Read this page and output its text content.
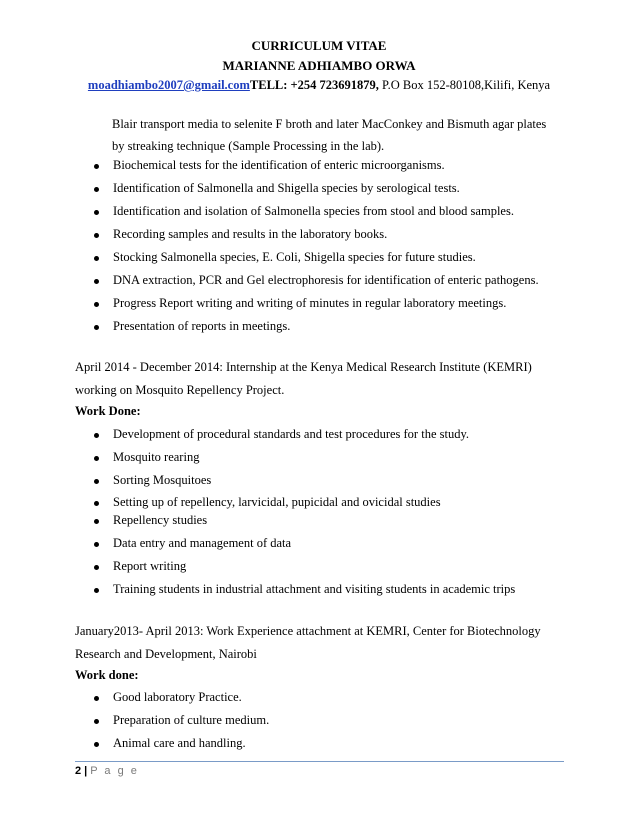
CURRICULUM VITAE
MARIANNE ADHIAMBO ORWA
moadhiambo2007@gmail.comTELL: +254 723691879, P.O Box 152-80108,Kilifi, Kenya
Blair transport media to selenite F broth and later MacConkey and Bismuth agar plates by streaking technique (Sample Processing in the lab).
Biochemical tests for the identification of enteric microorganisms.
Identification of Salmonella and Shigella species by serological tests.
Identification and isolation of Salmonella species from stool and blood samples.
Recording samples and results in the laboratory books.
Stocking Salmonella species, E. Coli, Shigella species for future studies.
DNA extraction, PCR and Gel electrophoresis for identification of enteric pathogens.
Progress Report writing and writing of minutes in regular laboratory meetings.
Presentation of reports in meetings.
April 2014 - December 2014: Internship at the Kenya Medical Research Institute (KEMRI)
working on Mosquito Repellency Project.
Work Done:
Development of procedural standards and test procedures for the study.
Mosquito rearing
Sorting Mosquitoes
Setting up of repellency, larvicidal, pupicidal and ovicidal studies
Repellency studies
Data entry and management of data
Report writing
Training students in industrial attachment and visiting students in academic trips
January2013- April 2013: Work Experience attachment at KEMRI, Center for Biotechnology
Research and Development, Nairobi
Work done:
Good laboratory Practice.
Preparation of culture medium.
Animal care and handling.
2 | P a g e
